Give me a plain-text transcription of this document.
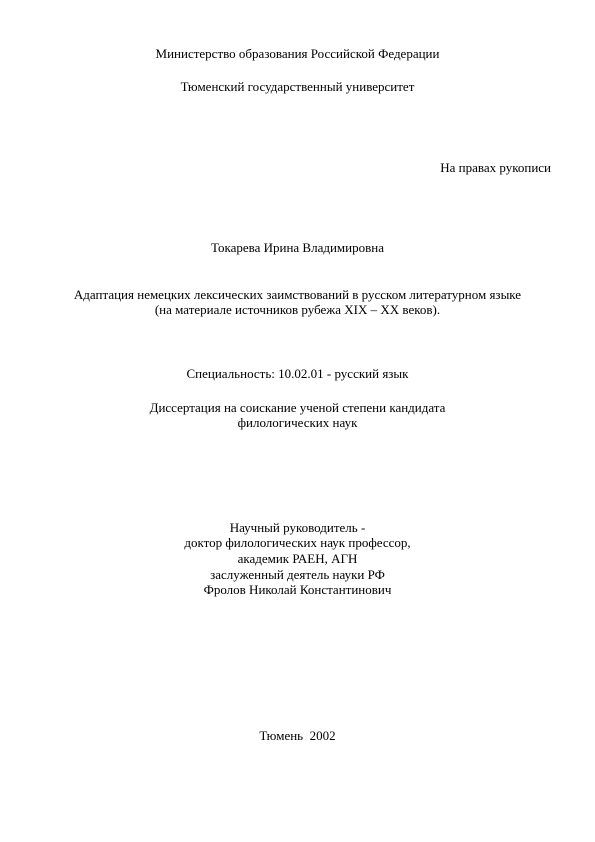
Министерство образования Российской Федерации
Тюменский государственный университет
На правах рукописи
Токарева Ирина Владимировна
Адаптация немецких лексических заимствований в русском литературном языке
(на материале источников рубежа XIX – XX веков).
Специальность: 10.02.01 - русский язык
Диссертация на соискание ученой степени кандидата
филологических наук
Научный руководитель -
доктор филологических наук профессор,
академик РАЕН, АГН
заслуженный деятель науки РФ
Фролов Николай Константинович
Тюмень  2002
